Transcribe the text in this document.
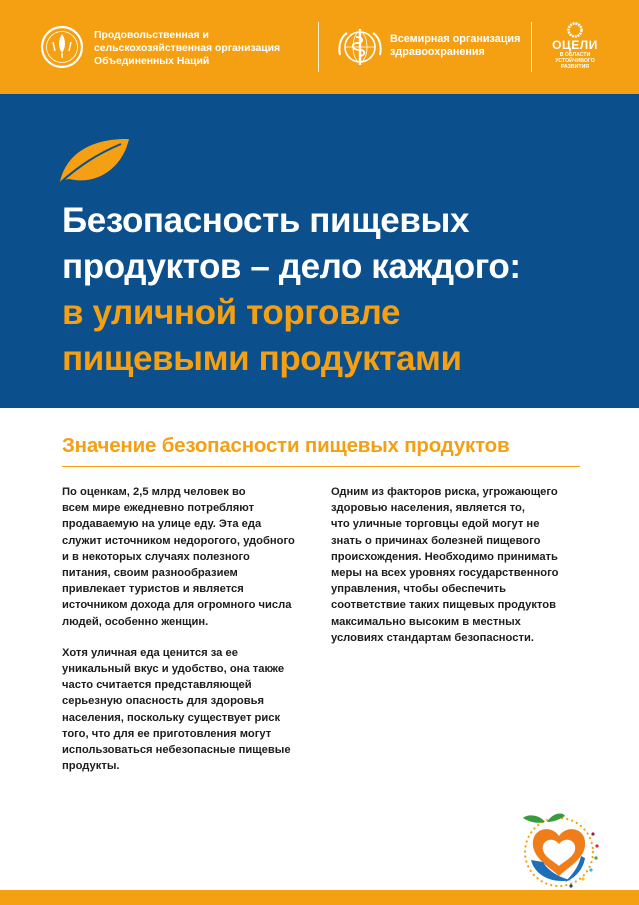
Продовольственная и
сельскохозяйственная организация
Объединенных Наций
Всемирная организация
здравоохранения	ОЦЕЛИ
В ОБЛАСТИ
УСТОЙЧИВОГО
РАЗВИТИЯ
Безопасность пищевых
продуктов – дело каждого:
в уличной торговле
пищевыми продуктами
Значение безопасности пищевых продуктов

По оценкам, 2,5 млрд человек во
всем мире ежедневно потребляют
продаваемую на улице еду. Эта еда
служит источником недорогого, удобного
и в некоторых случаях полезного
питания, своим разнообразием
привлекает туристов и является
источником дохода для огромного числа
людей, особенно женщин.

Хотя уличная еда ценится за ее
уникальный вкус и удобство, она также
часто считается представляющей
серьезную опасность для здоровья
населения, поскольку существует риск
того, что для ее приготовления могут
использоваться небезопасные пищевые
продукты.

Одним из факторов риска, угрожающего
здоровью населения, является то,
что уличные торговцы едой могут не
знать о причинах болезней пищевого
происхождения. Необходимо принимать
меры на всех уровнях государственного
управления, чтобы обеспечить
соответствие таких пищевых продуктов
максимально высоким в местных
условиях стандартам безопасности.
